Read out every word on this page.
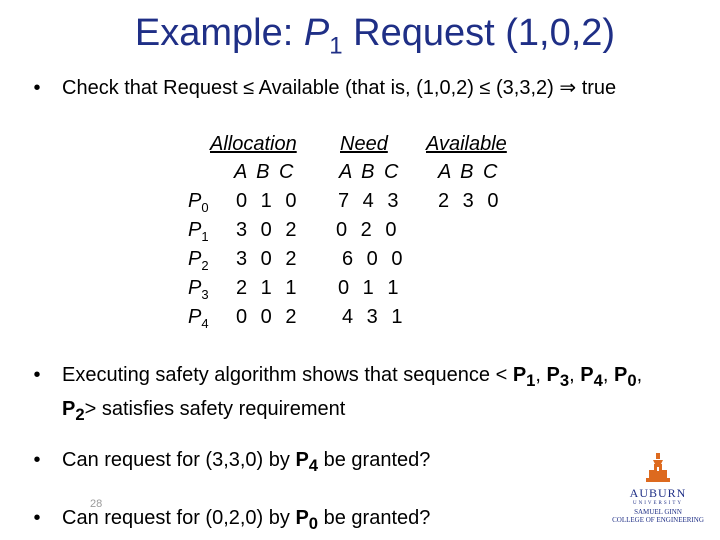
Example: $P_1$ Request (1,0,2)
• Check that Request ≤ Available (that is, (1,0,2) ≤ (3,3,2) ⇒ true
Allocation Need Available
A B C A B C A B C
$P_0$ 0 1 0 7 4 3 2 3 0
$P_1$ 3 0 2 0 2 0
$P_2$ 3 0 2 6 0 0
$P_3$ 2 1 1 0 1 1
$P_4$ 0 0 2 4 3 1
• Executing safety algorithm shows that sequence < $P_1$, $P_3$, $P_4$, $P_0$, $P_2>$ satisfies safety requirement
• Can request for (3,3,0) by $P_4$ be granted?
28
• Can request for (0,2,0) by $P_0$ be granted?
AUBURN
UNIVERSITY
SAMUEL GINN
COLLEGE OF ENGINEERING
